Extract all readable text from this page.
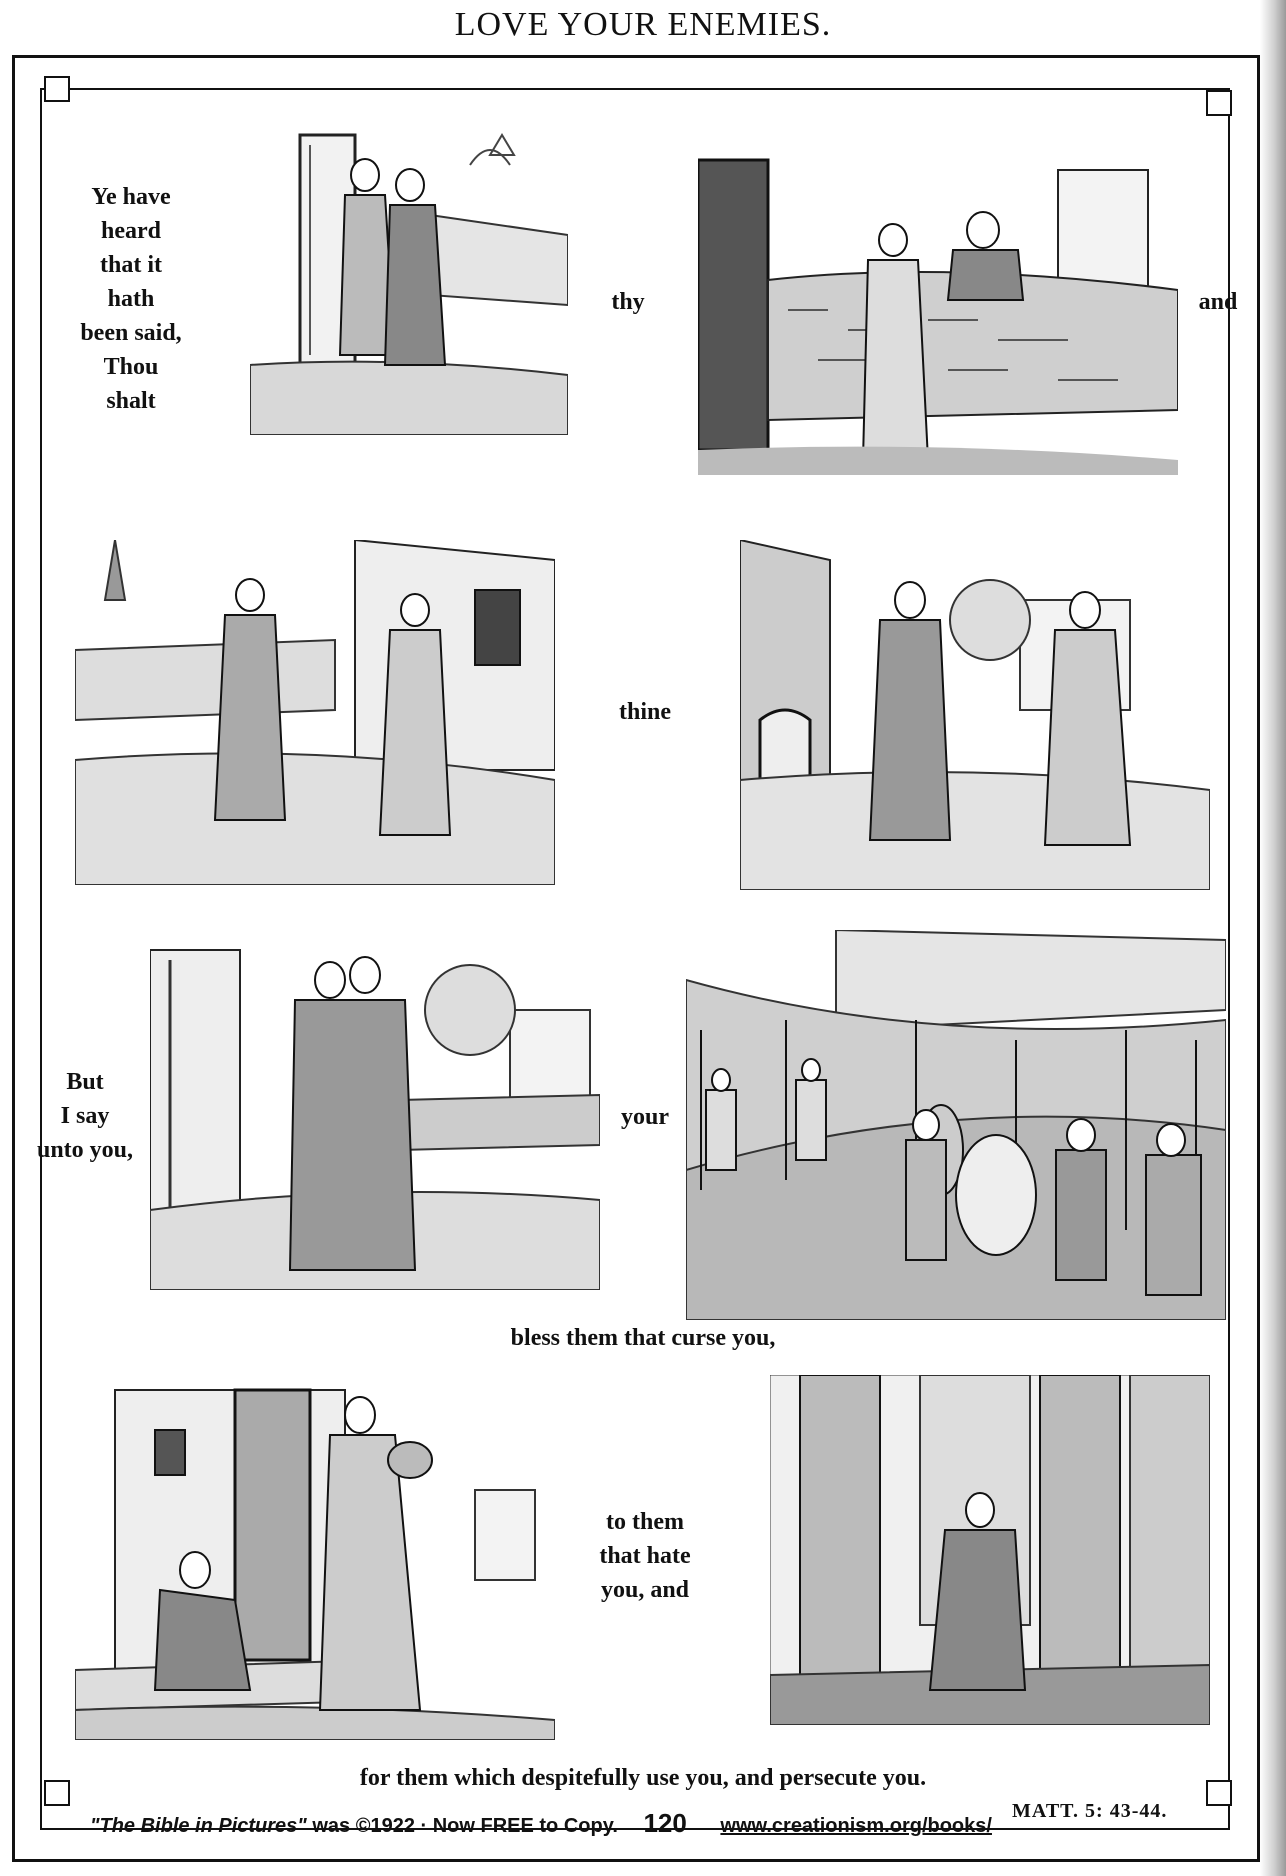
LOVE YOUR ENEMIES.
Ye have
heard
that it
hath
been said,
Thou
shalt
thy	and
thine
But
I say
unto you,
your
bless them that curse you,
to them
that hate
you, and
for them which despitefully use you, and persecute you.
"The Bible in Pictures" was ©1922 · Now FREE to Copy. 120 www.creationism.org/books/
MATT. 5: 43-44.
